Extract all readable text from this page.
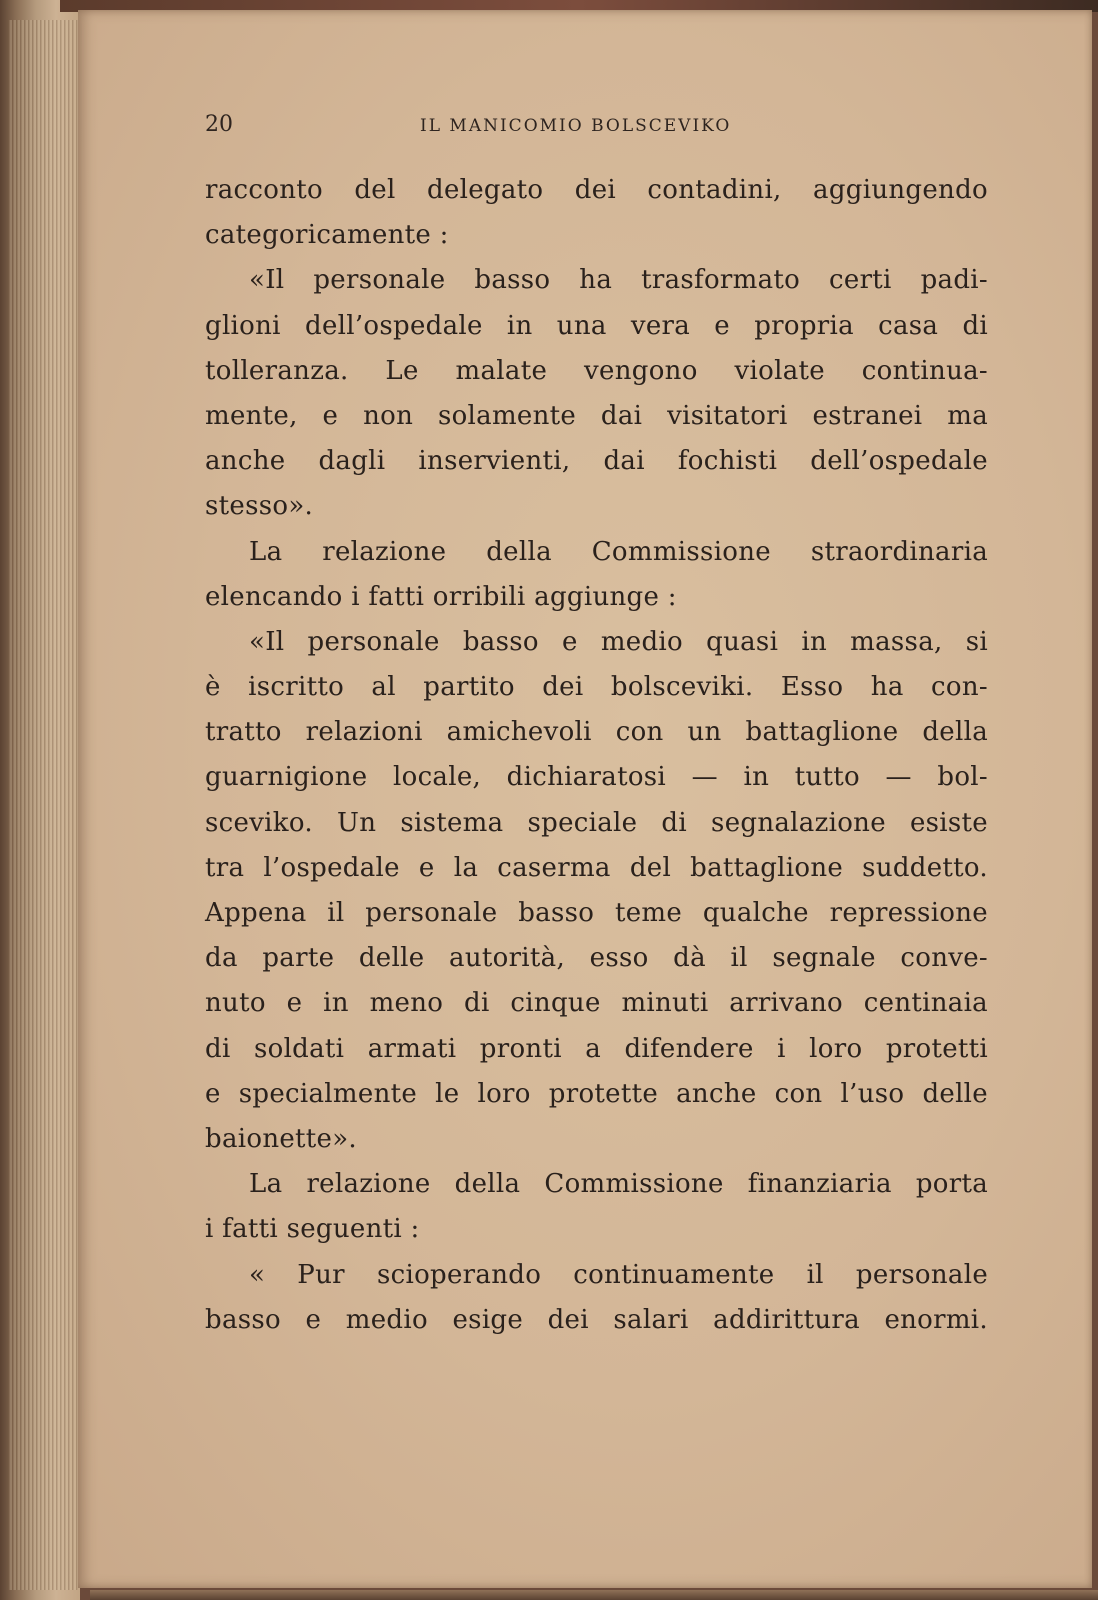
20	IL MANICOMIO BOLSCEVIKO
racconto del delegato dei contadini, aggiungendo
categoricamente :
«Il personale basso ha trasformato certi padi-
glioni dell’ospedale in una vera e propria casa di
tolleranza. Le malate vengono violate continua-
mente, e non solamente dai visitatori estranei ma
anche dagli inservienti, dai fochisti dell’ospedale
stesso».
La relazione della Commissione straordinaria
elencando i fatti orribili aggiunge :
«Il personale basso e medio quasi in massa, si
è iscritto al partito dei bolsceviki. Esso ha con-
tratto relazioni amichevoli con un battaglione della
guarnigione locale, dichiaratosi — in tutto — bol-
sceviko. Un sistema speciale di segnalazione esiste
tra l’ospedale e la caserma del battaglione suddetto.
Appena il personale basso teme qualche repressione
da parte delle autorità, esso dà il segnale conve-
nuto e in meno di cinque minuti arrivano centinaia
di soldati armati pronti a difendere i loro protetti
e specialmente le loro protette anche con l’uso delle
baionette».
La relazione della Commissione finanziaria porta
i fatti seguenti :
« Pur scioperando continuamente il personale
basso e medio esige dei salari addirittura enormi.
